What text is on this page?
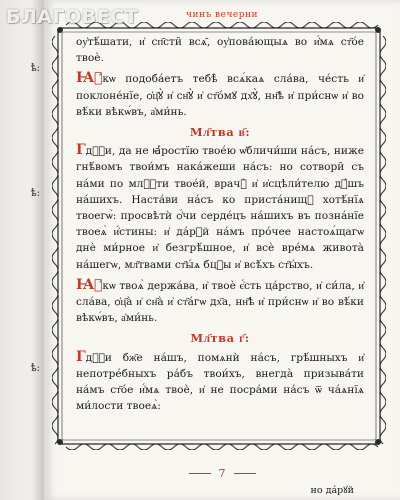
ѣ:
ѣ:
ѣ:
БЛАГОВЕСТ	чинъ вечерни

оу҆тѣ́шати, и҆ сп҃сти̑ всѧ̑, оу҆пова́ющыѧ во и҆́мѧ ст҃о́е твоѐ.

Ꙗ҆́кѡ подоба́етъ тебѣ̀ всѧ́каѧ сла́ва, че́сть и҆ поклоне́нїе, ѻ҆ц҃ꙋ̀ и҆ сн҃ꙋ̀ и҆ ст҃о́мꙋ дх҃ꙋ̀, нн҃ѣ и҆ при́снѡ и҆ во вѣ́ки вѣкѡ́въ, а҆ми́нь.

Мл҃тва в҃:

Гдⷭ҇и, да не ꙗ҆́ростїю твое́ю ѡ҆бличи́ши на́съ, ниже гнѣ́вомъ твои́мъ нака́жеши на́съ: но сотвори̑ съ на́ми по млⷭ҇ти твое́й, врачꙋ̀ и҆ и҆сцѣли́телю дꙋ́шъ на́шихъ. Наста́ви на́съ ко приста́нищꙋ хотѣ́нїѧ твоегѡ̀: просвѣтѝ ѻ҆́чи серде́цъ на́шихъ въ позна́нїе твоеѧ̀ и҆́стины: и҆ да́рꙋй на́мъ про́чее настоѧ́щагѡ днѐ ми́рное и҆ безгрѣ́шное, и҆ всѐ вре́мѧ живота̀ на́шегѡ, мл҃твами ст҃ы́ѧ бцⷣы и҆ всѣ́хъ ст҃ы́хъ.

Ꙗ҆́кѡ твоѧ̀ держа́ва, и҆ твоѐ є҆́сть ца́рство, и҆ си́ла, и҆ сла́ва, ѻ҆ц҃а̀ и҆ сн҃а̀ и҆ ст҃а́гѡ дх҃а, нн҃ѣ и҆ при́снѡ и҆ во вѣ́ки вѣкѡ́въ, а҆ми́нь.

Мл҃тва г҃:

Гдⷭ҇и бж҃е на́шъ, помѧнѝ на́съ, грѣ́шныхъ и҆ непотре́бныхъ ра́бъ твои́хъ, внегда̀ призыва́ти на́мъ ст҃о́е и҆́мѧ твоѐ, и҆ не посра́ми на́съ ѿ ча́ѧнїѧ ми́лости твоеѧ̀:

7
но да́рꙋй
